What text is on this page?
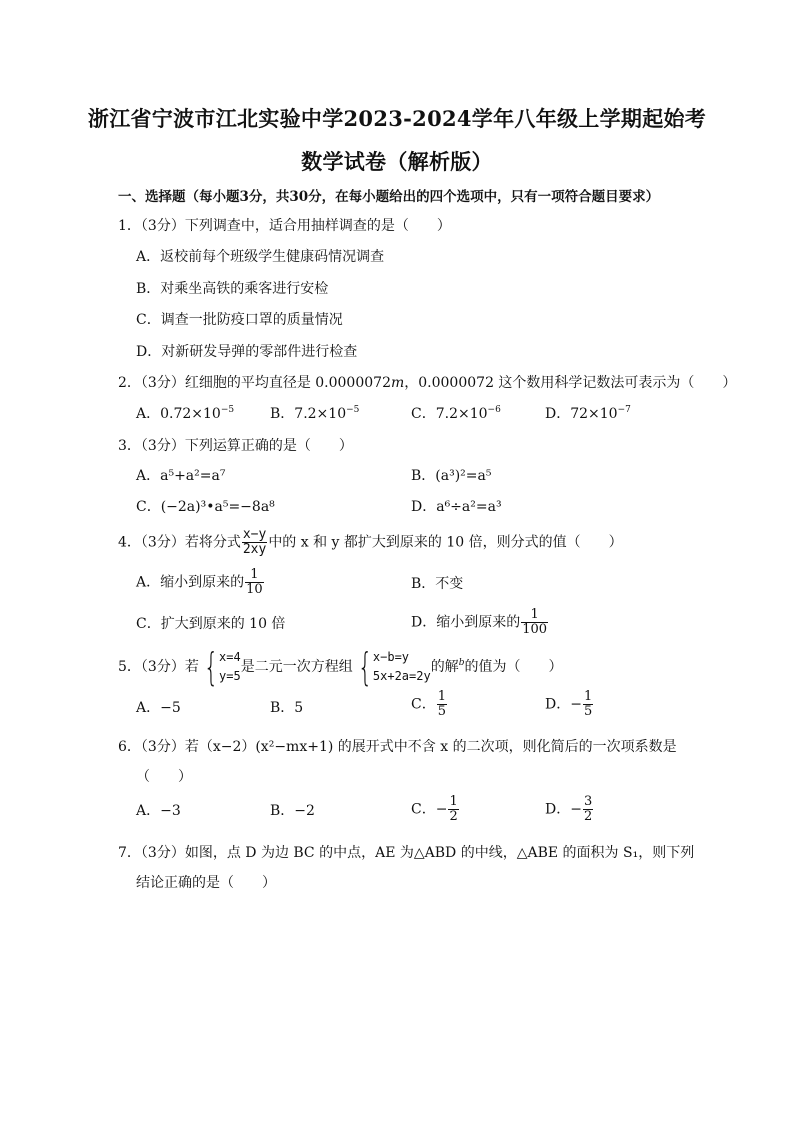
浙江省宁波市江北实验中学2023-2024学年八年级上学期起始考
数学试卷（解析版）
一、选择题（每小题3分，共30分，在每小题给出的四个选项中，只有一项符合题目要求）
1．（3分）下列调查中，适合用抽样调查的是（　　）
A．返校前每个班级学生健康码情况调查
B．对乘坐高铁的乘客进行安检
C．调查一批防疫口罩的质量情况
D．对新研发导弹的零部件进行检查
2．（3分）红细胞的平均直径是 0.0000072m，0.0000072 这个数用科学记数法可表示为（　　）
A．$0.72\times 10^{-5}$	B．$7.2\times 10^{-5}$	C．$7.2\times 10^{-6}$	D．$72\times 10^{-7}$
3．（3分）下列运算正确的是（　　）
A．a⁵+a²=a⁷	B．(a³)²=a⁵
C．(−2a)³•a⁵=−8a⁸	D．a⁶÷a²=a³
4．（3分）若将分式 $\frac{x-y}{2xy}$ 中的 x 和 y 都扩大到原来的 10 倍，则分式的值（　　）
A．缩小到原来的 $\frac{1}{10}$	B．不变
C．扩大到原来的 10 倍	D．缩小到原来的 $\frac{1}{100}$
5．（3分）若 { x=4
y=5
是二元一次方程组 { x−b=y
5x+2a=2y
的解$^b$的值为（　　）
A．−5	B．5	C． $\frac{1}{5}$	D．− $\frac{1}{5}$
6．（3分）若（x−2）(x²−mx+1) 的展开式中不含 x 的二次项，则化简后的一次项系数是
（　　）
A．−3	B．−2	C．− $\frac{1}{2}$	D．− $\frac{3}{2}$
7．（3分）如图，点 D 为边 BC 的中点，AE 为△ABD 的中线，△ABE 的面积为 S₁，则下列
结论正确的是（　　）
